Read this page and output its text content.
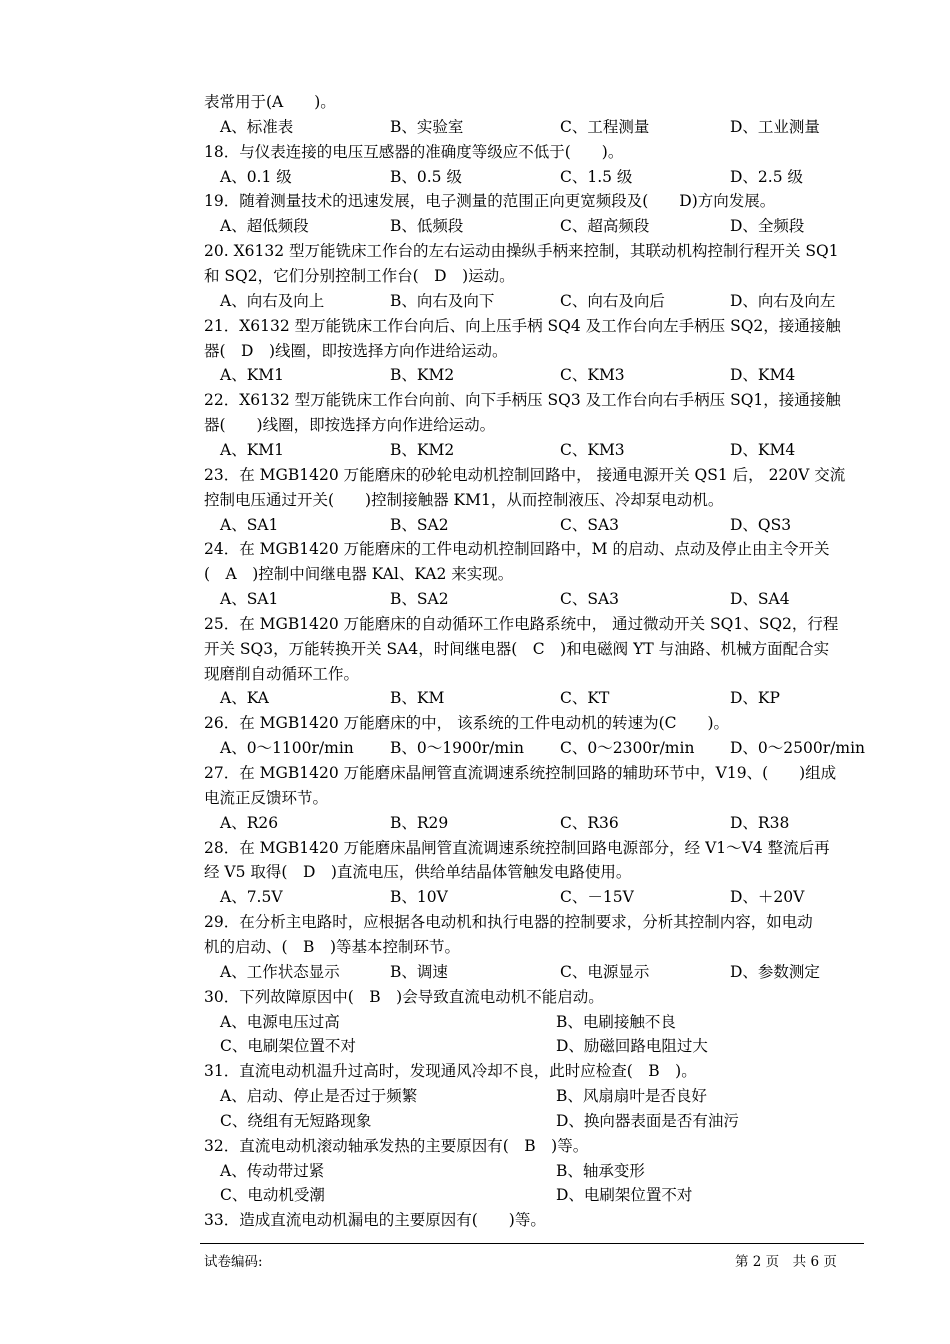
表常用于(A　　)。
A、标准表	B、实验室	C、工程测量	D、工业测量
18．与仪表连接的电压互感器的准确度等级应不低于(　　)。
A、0.1 级	B、0.5 级	C、1.5 级	D、2.5 级
19．随着测量技术的迅速发展，电子测量的范围正向更宽频段及(　　D)方向发展。
A、超低频段	B、低频段	C、超高频段	D、全频段
20. X6132 型万能铣床工作台的左右运动由操纵手柄来控制，其联动机构控制行程开关 SQ1
和 SQ2，它们分别控制工作台(　D　)运动。
A、向右及向上	B、向右及向下	C、向右及向后	D、向右及向左
21．X6132 型万能铣床工作台向后、向上压手柄 SQ4 及工作台向左手柄压 SQ2，接通接触
器(　D　)线圈，即按选择方向作进给运动。
A、KM1	B、KM2	C、KM3	D、KM4
22．X6132 型万能铣床工作台向前、向下手柄压 SQ3 及工作台向右手柄压 SQ1，接通接触
器(　　)线圈，即按选择方向作进给运动。
A、KM1	B、KM2	C、KM3	D、KM4
23．在 MGB1420 万能磨床的砂轮电动机控制回路中， 接通电源开关 QS1 后， 220V 交流
控制电压通过开关(　　)控制接触器 KM1，从而控制液压、冷却泵电动机。
A、SA1	B、SA2	C、SA3	D、QS3
24．在 MGB1420 万能磨床的工件电动机控制回路中，M 的启动、点动及停止由主令开关
(　A　)控制中间继电器 KAl、KA2 来实现。
A、SA1	B、SA2	C、SA3	D、SA4
25．在 MGB1420 万能磨床的自动循环工作电路系统中， 通过微动开关 SQ1、SQ2，行程
开关 SQ3，万能转换开关 SA4，时间继电器(　C　)和电磁阀 YT 与油路、机械方面配合实
现磨削自动循环工作。
A、KA	B、KM	C、KT	D、KP
26．在 MGB1420 万能磨床的中， 该系统的工件电动机的转速为(C　　)。
A、0～1100r/min B、0～1900r/min C、0～2300r/min D、0～2500r/min
27．在 MGB1420 万能磨床晶闸管直流调速系统控制回路的辅助环节中，V19、(　　)组成
电流正反馈环节。
A、R26	B、R29	C、R36	D、R38
28．在 MGB1420 万能磨床晶闸管直流调速系统控制回路电源部分，经 V1～V4 整流后再
经 V5 取得(　D　)直流电压，供给单结晶体管触发电路使用。
A、7.5V	B、10V	C、－15V	D、＋20V
29．在分析主电路时，应根据各电动机和执行电器的控制要求，分析其控制内容，如电动
机的启动、(　B　)等基本控制环节。
A、工作状态显示	B、调速	C、电源显示	D、参数测定
30．下列故障原因中(　B　)会导致直流电动机不能启动。
A、电源电压过高	B、电刷接触不良
C、电刷架位置不对	D、励磁回路电阻过大
31．直流电动机温升过高时，发现通风冷却不良，此时应检查(　B　)。
A、启动、停止是否过于频繁	B、风扇扇叶是否良好
C、绕组有无短路现象	D、换向器表面是否有油污
32．直流电动机滚动轴承发热的主要原因有(　B　)等。
A、传动带过紧	B、轴承变形
C、电动机受潮	D、电刷架位置不对
33．造成直流电动机漏电的主要原因有(　　)等。
试卷编码:	第 2 页　共 6 页
